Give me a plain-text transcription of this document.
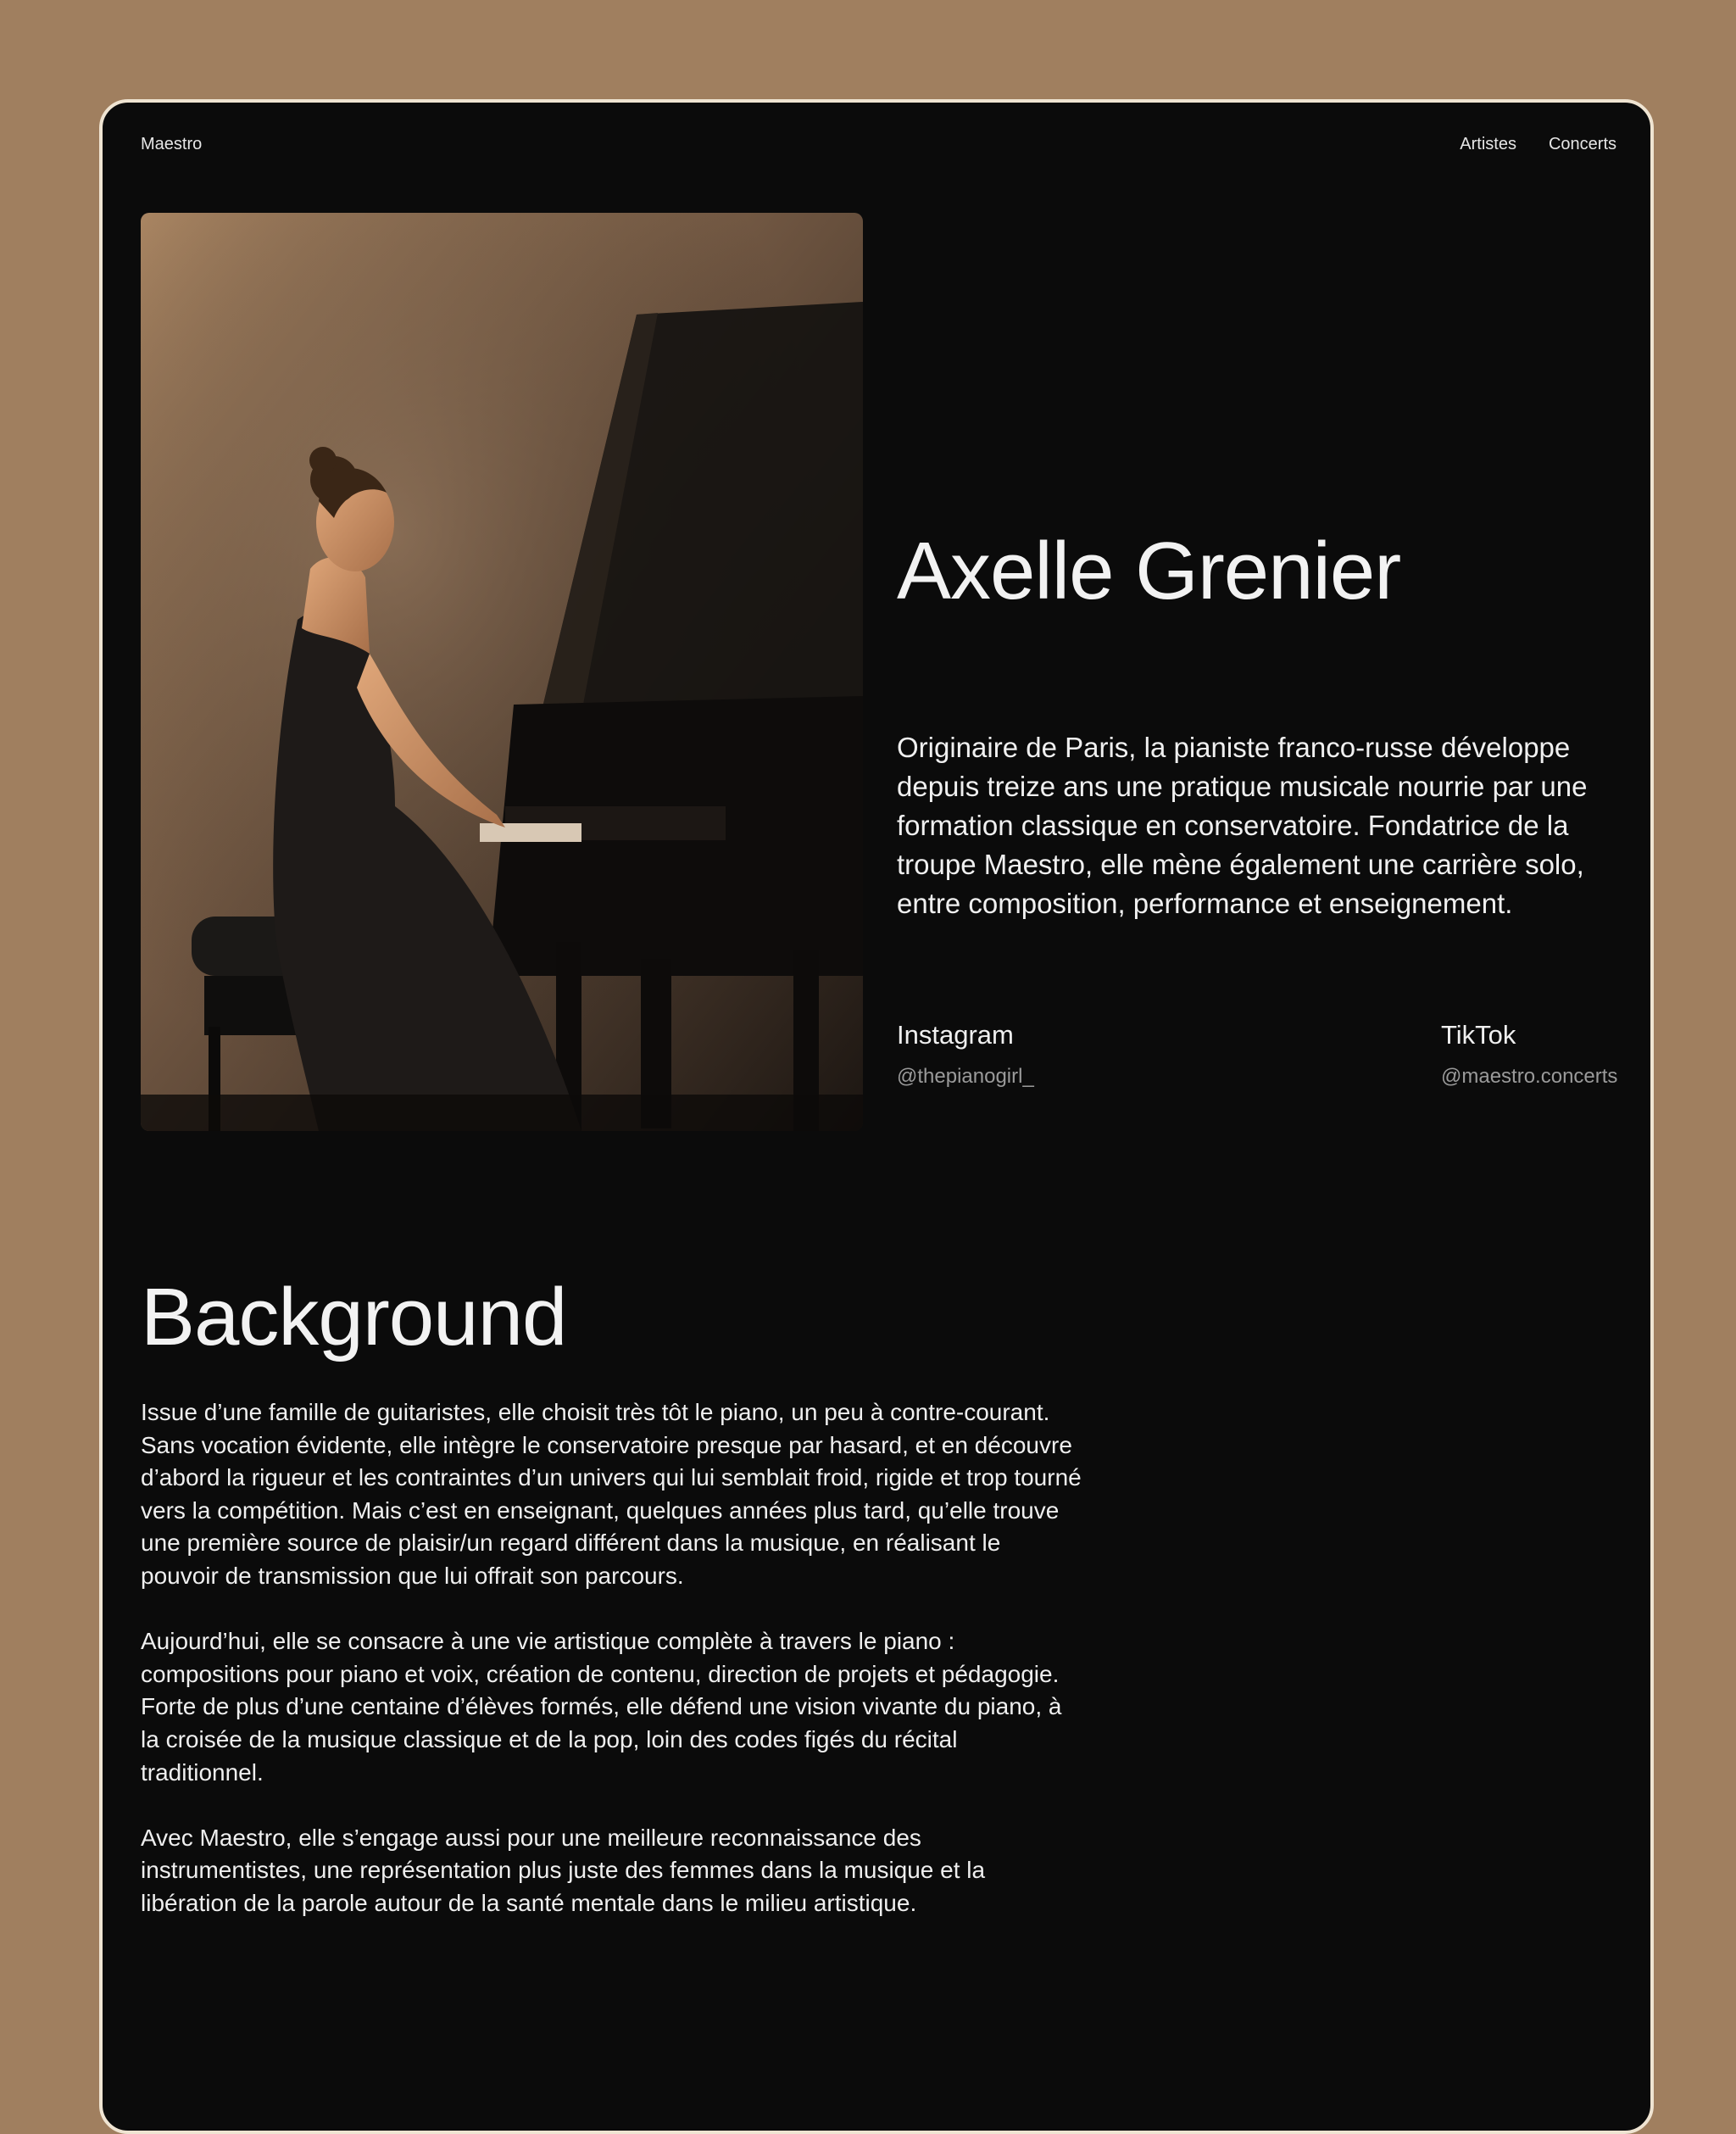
Maestro	Artistes Concerts
Axelle Grenier

Originaire de Paris, la pianiste franco-russe développe depuis treize ans une pratique musicale nourrie par une formation classique en conservatoire. Fondatrice de la troupe Maestro, elle mène également une carrière solo, entre composition, performance et enseignement.

Instagram

@thepianogirl_

TikTok

@maestro.concerts
Background

Issue d’une famille de guitaristes, elle choisit très tôt le piano, un peu à contre-courant. Sans vocation évidente, elle intègre le conservatoire presque par hasard, et en découvre d’abord la rigueur et les contraintes d’un univers qui lui semblait froid, rigide et trop tourné vers la compétition. Mais c’est en enseignant, quelques années plus tard, qu’elle trouve une première source de plaisir/un regard différent dans la musique, en réalisant le pouvoir de transmission que lui offrait son parcours.

Aujourd’hui, elle se consacre à une vie artistique complète à travers le piano : compositions pour piano et voix, création de contenu, direction de projets et pédagogie. Forte de plus d’une centaine d’élèves formés, elle défend une vision vivante du piano, à la croisée de la musique classique et de la pop, loin des codes figés du récital traditionnel.

Avec Maestro, elle s’engage aussi pour une meilleure reconnaissance des instrumentistes, une représentation plus juste des femmes dans la musique et la libération de la parole autour de la santé mentale dans le milieu artistique.
